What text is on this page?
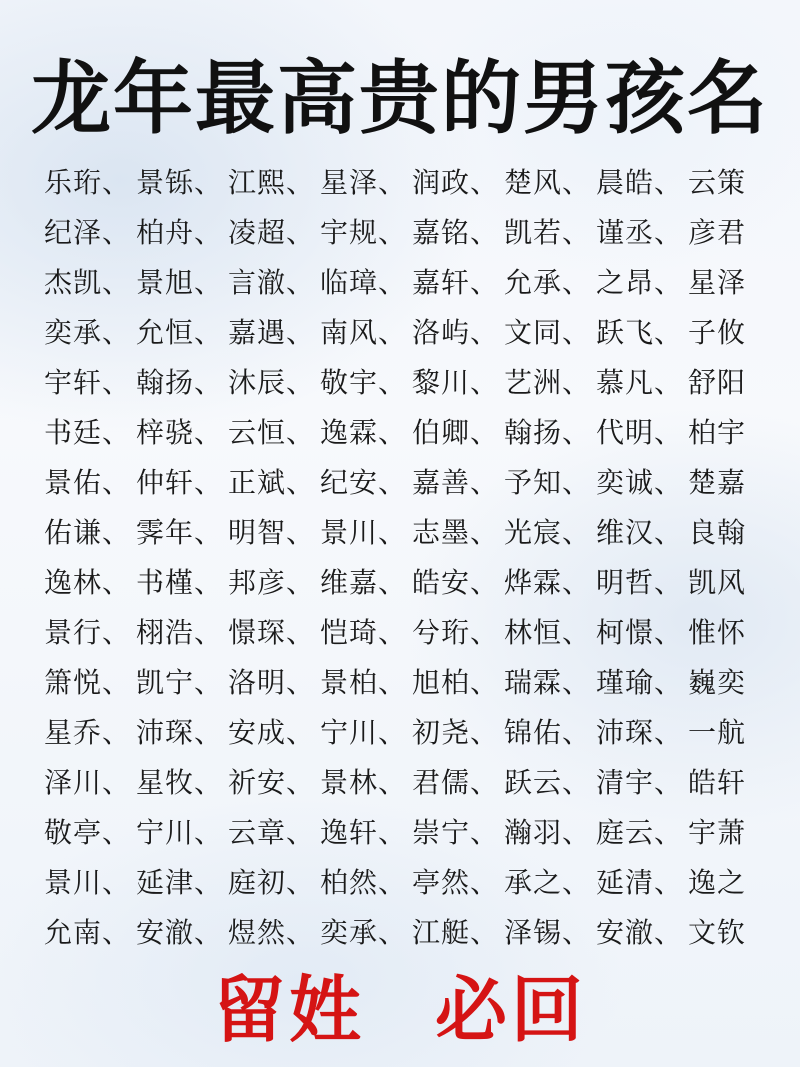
龙年最高贵的男孩名
乐珩、 景铄、 江熙、 星泽、 润政、 楚风、 晨皓、 云策
纪泽、 柏舟、 凌超、 宇规、 嘉铭、 凯若、 谨丞、 彦君
杰凯、 景旭、 言澈、 临璋、 嘉轩、 允承、 之昂、 星泽
奕承、 允恒、 嘉遇、 南风、 洛屿、 文同、 跃飞、 子攸
宇轩、 翰扬、 沐辰、 敬宇、 黎川、 艺洲、 慕凡、 舒阳
书廷、 梓骁、 云恒、 逸霖、 伯卿、 翰扬、 代明、 柏宇
景佑、 仲轩、 正斌、 纪安、 嘉善、 予知、 奕诚、 楚嘉
佑谦、 霁年、 明智、 景川、 志墨、 光宸、 维汉、 良翰
逸林、 书槿、 邦彦、 维嘉、 皓安、 烨霖、 明哲、 凯风
景行、 栩浩、 憬琛、 恺琦、 兮珩、 林恒、 柯憬、 惟怀
箫悦、 凯宁、 洛明、 景柏、 旭柏、 瑞霖、 瑾瑜、 巍奕
星乔、 沛琛、 安成、 宁川、 初尧、 锦佑、 沛琛、 一航
泽川、 星牧、 祈安、 景林、 君儒、 跃云、 清宇、 皓轩
敬亭、 宁川、 云章、 逸轩、 崇宁、 瀚羽、 庭云、 宇萧
景川、 延津、 庭初、 柏然、 亭然、 承之、 延清、 逸之
允南、 安澈、 煜然、 奕承、 江艇、 泽锡、 安澈、 文钦
留姓 必回
